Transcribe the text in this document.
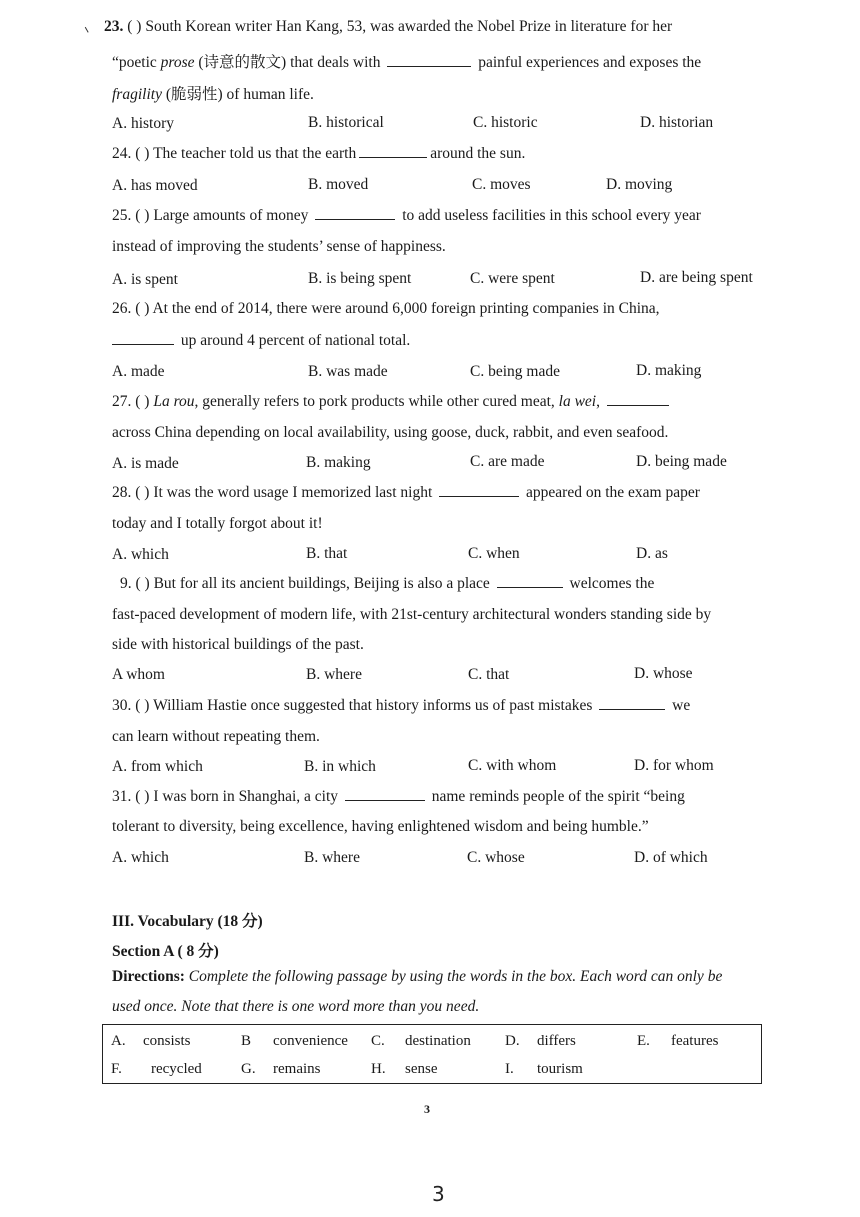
23. ( ) South Korean writer Han Kang, 53, was awarded the Nobel Prize in literature for her
“poetic prose (诗意的散文) that deals with	painful experiences and exposes the
fragility (脆弱性) of human life.
A. history	B. historical	C. historic	D. historian
24. ( ) The teacher told us that the earth	around the sun.
A. has moved	B. moved	C. moves	D. moving
25. ( ) Large amounts of money	to add useless facilities in this school every year
instead of improving the students’ sense of happiness.
A. is spent	B. is being spent	C. were spent	D. are being spent
26. ( ) At the end of 2014, there were around 6,000 foreign printing companies in China,
up around 4 percent of national total.
A. made	B. was made	C. being made	D. making
27. ( ) La rou, generally refers to pork products while other cured meat, la wei,
across China depending on local availability, using goose, duck, rabbit, and even seafood.
A. is made	B. making	C. are made	D. being made
28. ( ) It was the word usage I memorized last night	appeared on the exam paper
today and I totally forgot about it!
A. which	B. that	C. when	D. as
9. ( ) But for all its ancient buildings, Beijing is also a place	welcomes the
fast-paced development of modern life, with 21st-century architectural wonders standing side by
side with historical buildings of the past.
A whom	B. where	C. that	D. whose
30. ( ) William Hastie once suggested that history informs us of past mistakes	we
can learn without repeating them.
A. from which	B. in which	C. with whom	D. for whom
31. ( ) I was born in Shanghai, a city	name reminds people of the spirit “being
tolerant to diversity, being excellence, having enlightened wisdom and being humble.”
A. which	B. where	C. whose	D. of which
III. Vocabulary (18 分)
Section A ( 8 分)
Directions: Complete the following passage by using the words in the box. Each word can only be
used once. Note that there is one word more than you need.
A. consists	B convenience C. destination D. differs	E. features
F. recycled	G. remains	H. sense	I. tourism
3
3
